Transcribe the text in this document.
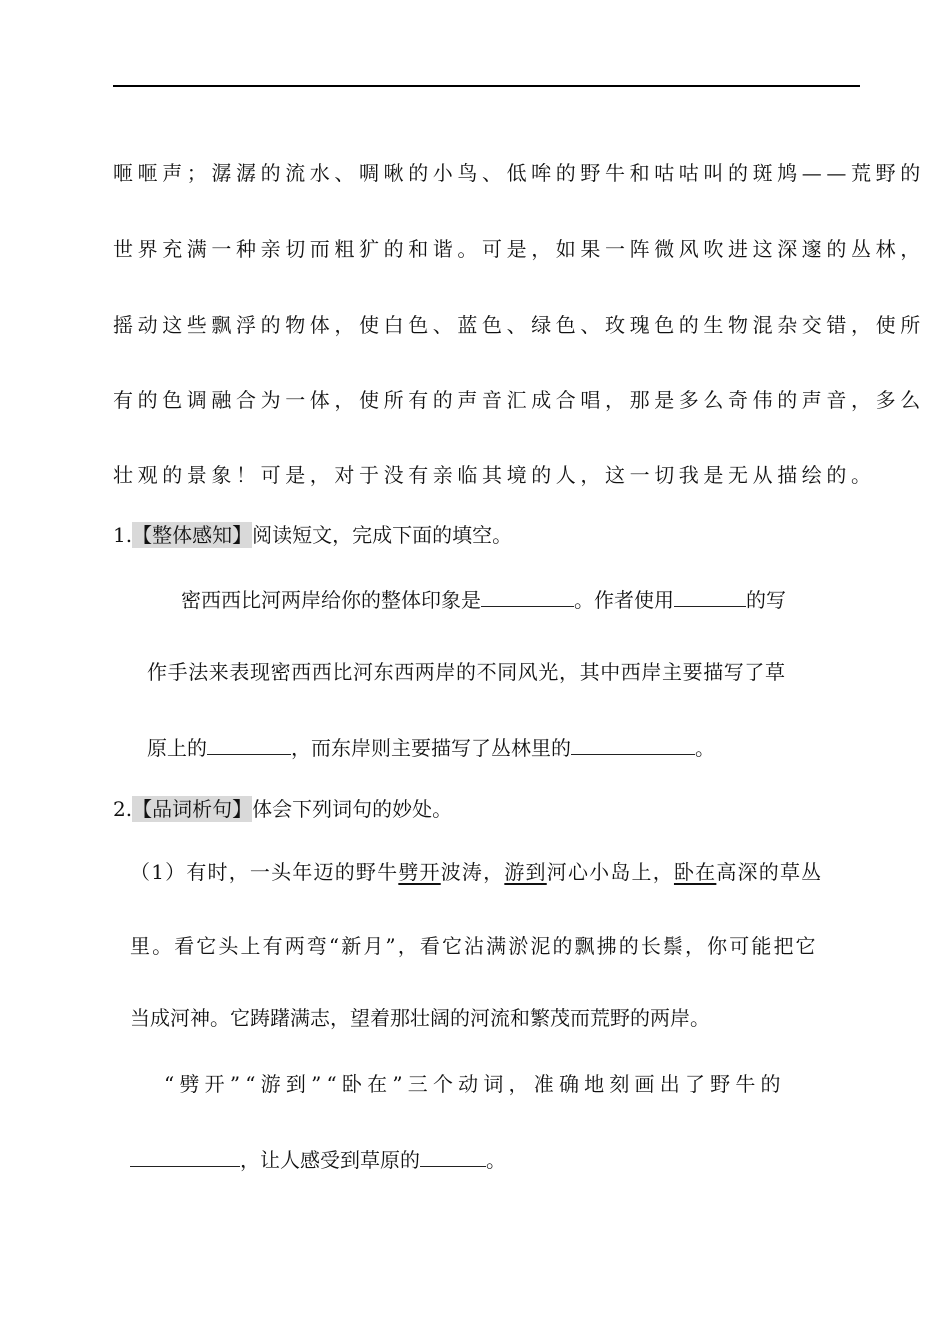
咂咂声；潺潺的流水、啁啾的小鸟、低哞的野牛和咕咕叫的斑鸠——荒野的
世界充满一种亲切而粗犷的和谐。可是，如果一阵微风吹进这深邃的丛林，
摇动这些飘浮的物体，使白色、蓝色、绿色、玫瑰色的生物混杂交错，使所
有的色调融合为一体，使所有的声音汇成合唱，那是多么奇伟的声音，多么
壮观的景象！可是，对于没有亲临其境的人，这一切我是无从描绘的。
1.【整体感知】阅读短文，完成下面的填空。
密西西比河两岸给你的整体印象是	。作者使用	的写
作手法来表现密西西比河东西两岸的不同风光，其中西岸主要描写了草
原上的	，而东岸则主要描写了丛林里的	。
2.【品词析句】体会下列词句的妙处。
（1）有时，一头年迈的野牛劈开波涛，游到河心小岛上，卧在高深的草丛
里。看它头上有两弯“新月”，看它沾满淤泥的飘拂的长鬃，你可能把它
当成河神。它踌躇满志，望着那壮阔的河流和繁茂而荒野的两岸。
“劈开”“游到”“卧在”三个动词，准确地刻画出了野牛的
，让人感受到草原的	。
